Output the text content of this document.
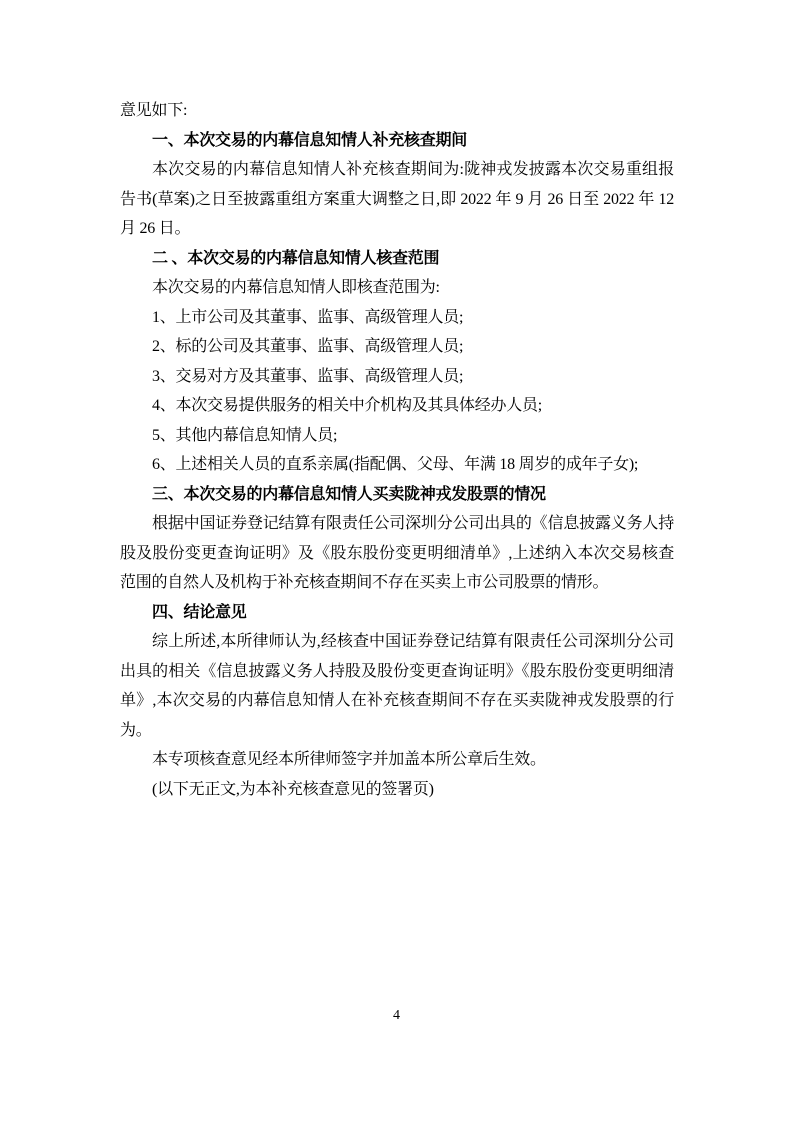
意见如下:

一、本次交易的内幕信息知情人补充核查期间

本次交易的内幕信息知情人补充核查期间为:陇神戎发披露本次交易重组报告书(草案)之日至披露重组方案重大调整之日,即 2022 年 9 月 26 日至 2022 年 12 月 26 日。

二 、本次交易的内幕信息知情人核查范围

本次交易的内幕信息知情人即核查范围为:

1、上市公司及其董事、监事、高级管理人员;

2、标的公司及其董事、监事、高级管理人员;

3、交易对方及其董事、监事、高级管理人员;

4、本次交易提供服务的相关中介机构及其具体经办人员;

5、其他内幕信息知情人员;

6、上述相关人员的直系亲属(指配偶、父母、年满 18 周岁的成年子女);

三、本次交易的内幕信息知情人买卖陇神戎发股票的情况

根据中国证券登记结算有限责任公司深圳分公司出具的《信息披露义务人持股及股份变更查询证明》及《股东股份变更明细清单》,上述纳入本次交易核查范围的自然人及机构于补充核查期间不存在买卖上市公司股票的情形。

四、结论意见

综上所述,本所律师认为,经核查中国证券登记结算有限责任公司深圳分公司出具的相关《信息披露义务人持股及股份变更查询证明》《股东股份变更明细清单》,本次交易的内幕信息知情人在补充核查期间不存在买卖陇神戎发股票的行为。

本专项核查意见经本所律师签字并加盖本所公章后生效。

(以下无正文,为本补充核查意见的签署页)

4
